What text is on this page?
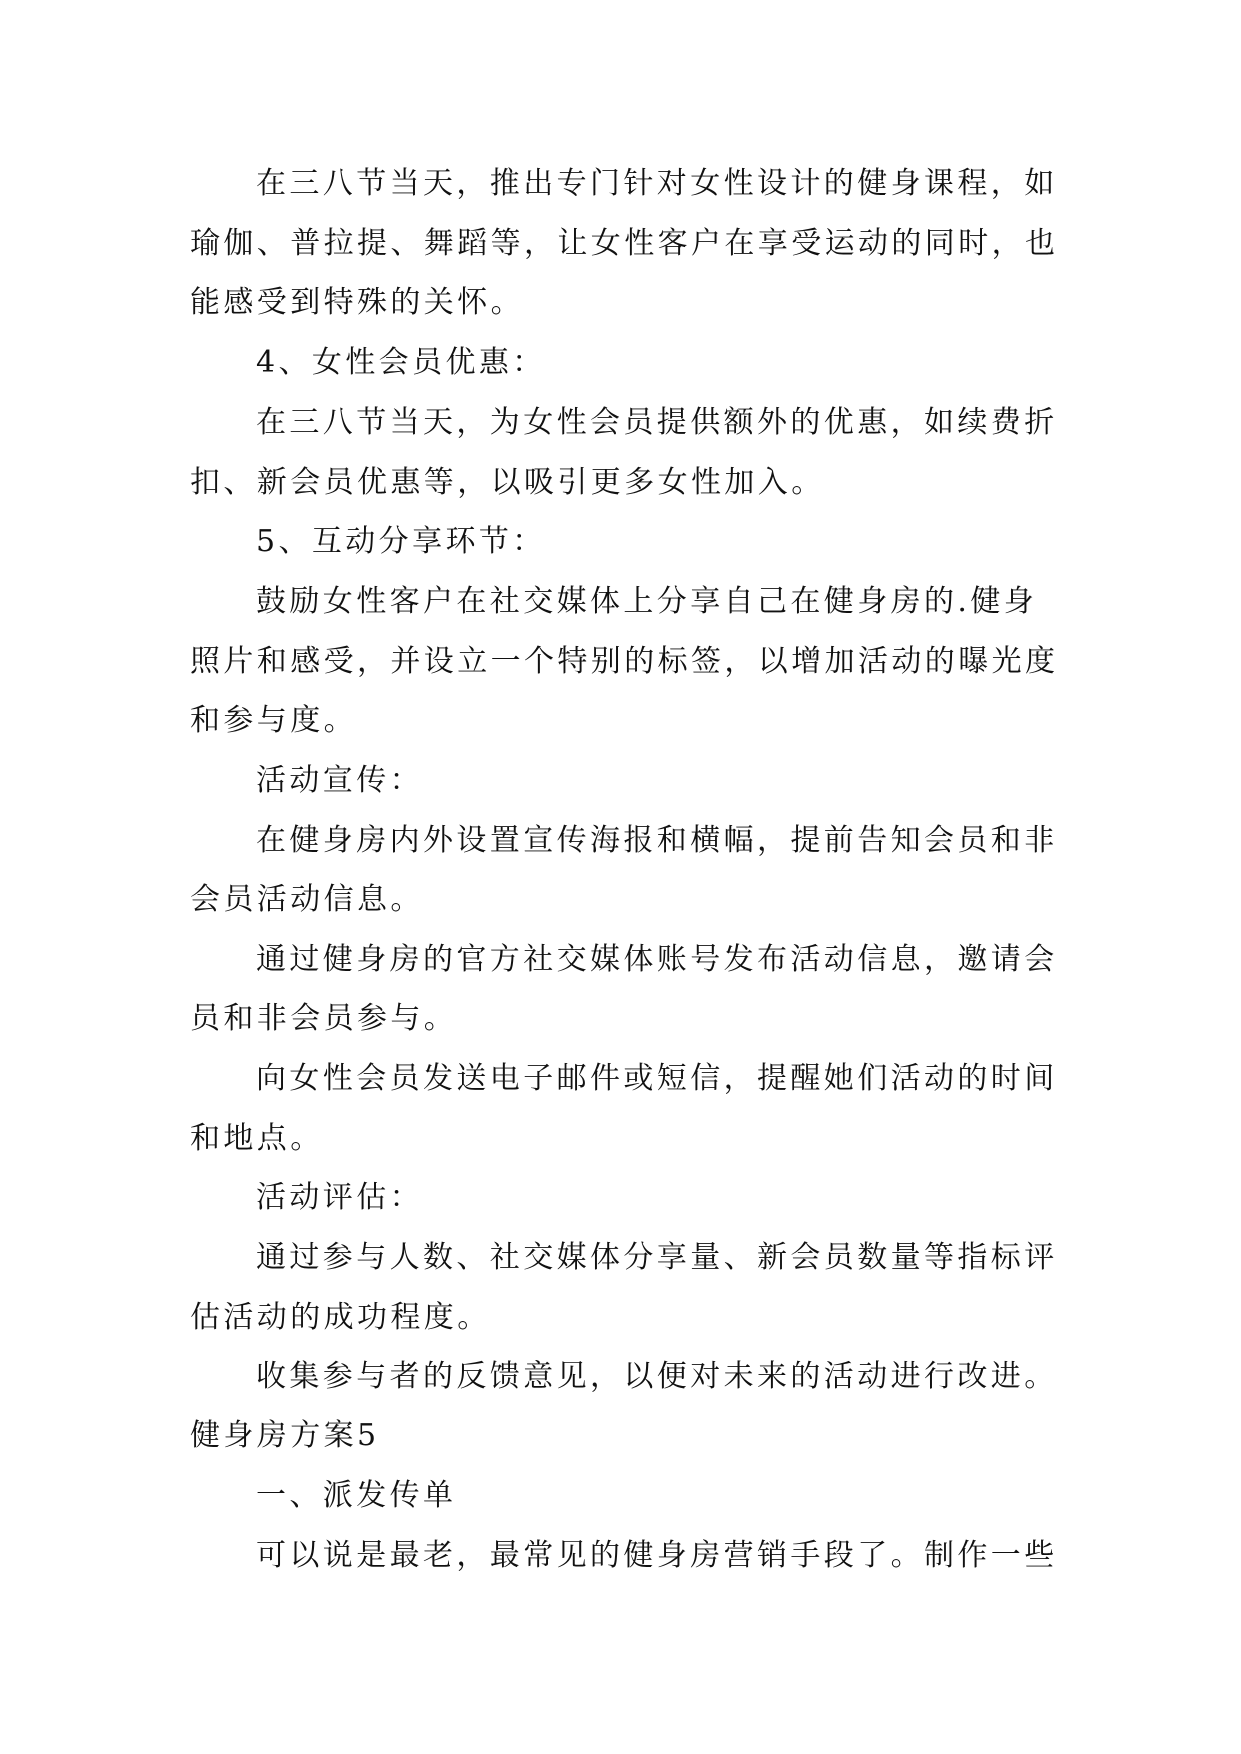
在三八节当天，推出专门针对女性设计的健身课程，如
瑜伽、普拉提、舞蹈等，让女性客户在享受运动的同时，也
能感受到特殊的关怀。
4、女性会员优惠：
在三八节当天，为女性会员提供额外的优惠，如续费折
扣、新会员优惠等，以吸引更多女性加入。
5、互动分享环节：
鼓励女性客户在社交媒体上分享自己在健身房的.健身
照片和感受，并设立一个特别的标签，以增加活动的曝光度
和参与度。
活动宣传：
在健身房内外设置宣传海报和横幅，提前告知会员和非
会员活动信息。
通过健身房的官方社交媒体账号发布活动信息，邀请会
员和非会员参与。
向女性会员发送电子邮件或短信，提醒她们活动的时间
和地点。
活动评估：
通过参与人数、社交媒体分享量、新会员数量等指标评
估活动的成功程度。
收集参与者的反馈意见，以便对未来的活动进行改进。
健身房方案5
一、派发传单
可以说是最老，最常见的健身房营销手段了。制作一些
